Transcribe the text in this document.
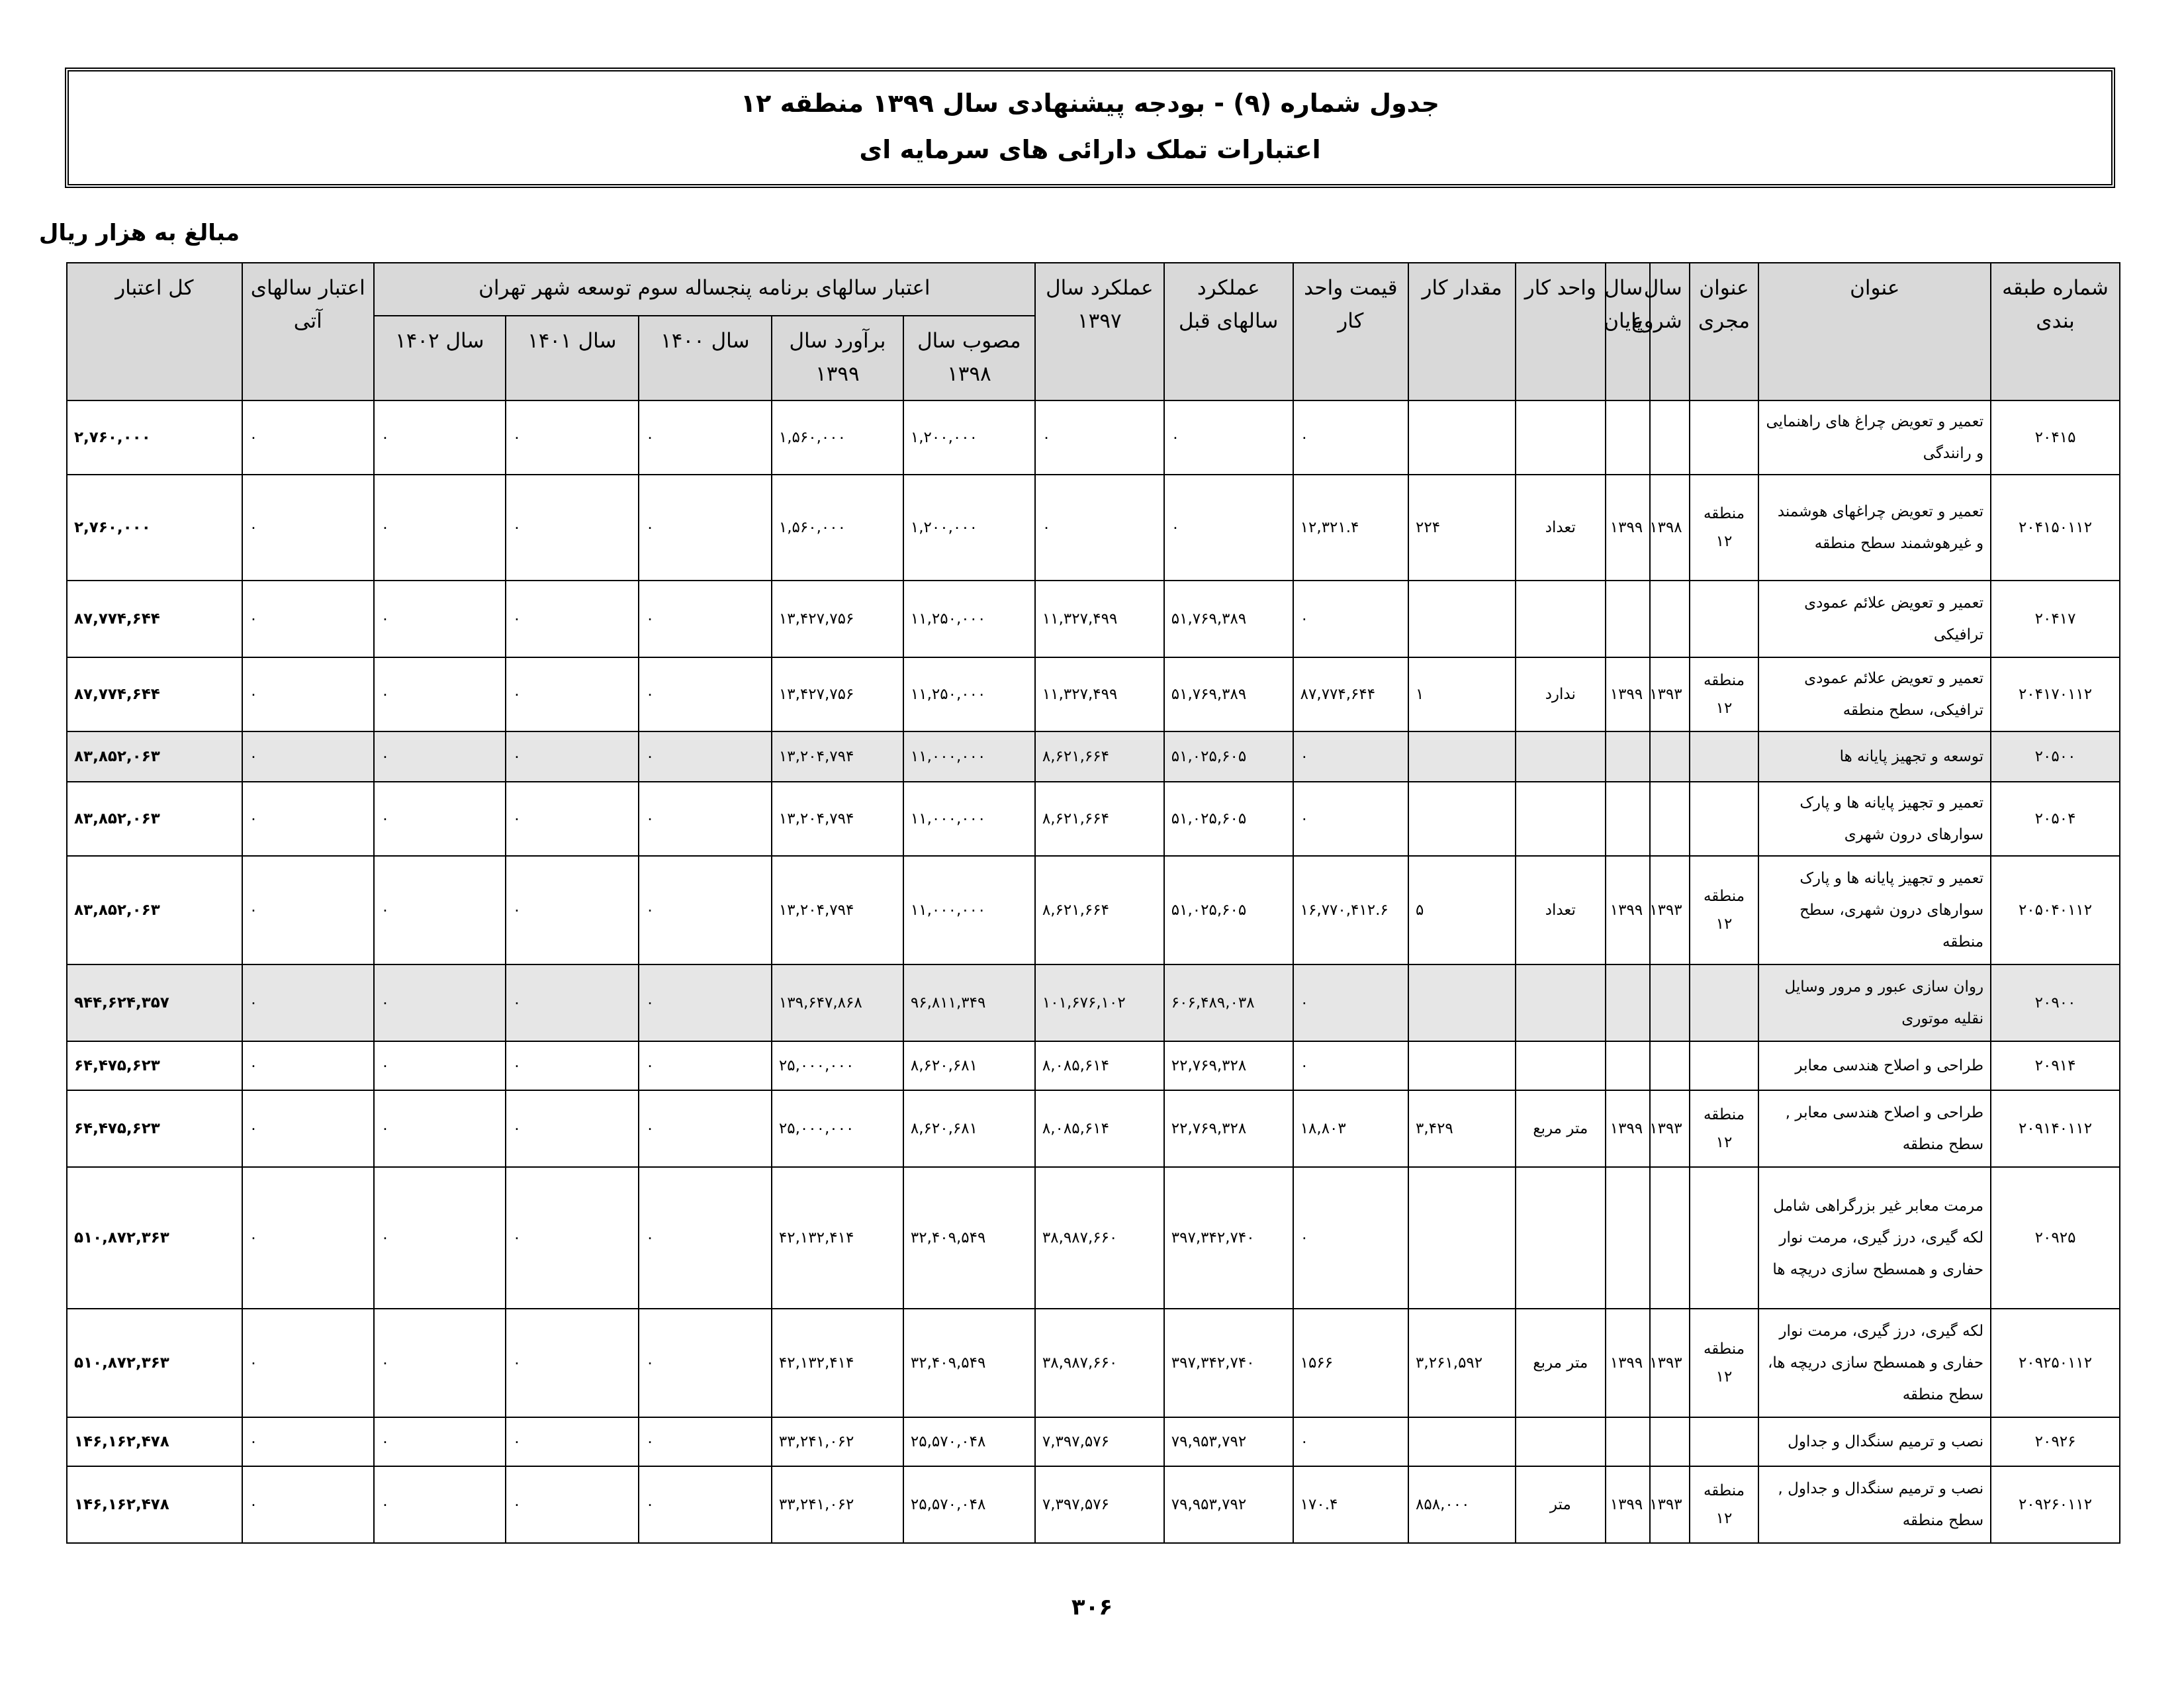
جدول شماره (۹) - بودجه پیشنهادی سال ۱۳۹۹ منطقه ۱۲
اعتبارات تملک دارائی های سرمایه ای
مبالغ به هزار ریال
شماره طبقه بندی	عنوان	عنوان مجری	سال شروع	سال پایان	واحد کار	مقدار کار	قیمت واحد کار	عملکرد سالهای قبل	عملکرد سال ۱۳۹۷	اعتبار سالهای برنامه پنجساله سوم توسعه شهر تهران					اعتبار سالهای آتی	کل اعتبار
										مصوب سال ۱۳۹۸	برآورد سال ۱۳۹۹	سال ۱۴۰۰	سال ۱۴۰۱	سال ۱۴۰۲		
۲۰۴۱۵	تعمیر و تعویض چراغ های راهنمایی و رانندگی						۰	۰	۰	۱,۲۰۰,۰۰۰	۱,۵۶۰,۰۰۰	۰	۰	۰	۰	۲,۷۶۰,۰۰۰
۲۰۴۱۵۰۱۱۲	تعمیر و تعویض چراغهای هوشمند و غیرهوشمند سطح منطقه	منطقه ۱۲	۱۳۹۸	۱۳۹۹	تعداد	۲۲۴	۱۲,۳۲۱.۴	۰	۰	۱,۲۰۰,۰۰۰	۱,۵۶۰,۰۰۰	۰	۰	۰	۰	۲,۷۶۰,۰۰۰
۲۰۴۱۷	تعمیر و تعویض علائم عمودی ترافیکی						۰	۵۱,۷۶۹,۳۸۹	۱۱,۳۲۷,۴۹۹	۱۱,۲۵۰,۰۰۰	۱۳,۴۲۷,۷۵۶	۰	۰	۰	۰	۸۷,۷۷۴,۶۴۴
۲۰۴۱۷۰۱۱۲	تعمیر و تعویض علائم عمودی ترافیکی، سطح منطقه	منطقه ۱۲	۱۳۹۳	۱۳۹۹	ندارد	۱	۸۷,۷۷۴,۶۴۴	۵۱,۷۶۹,۳۸۹	۱۱,۳۲۷,۴۹۹	۱۱,۲۵۰,۰۰۰	۱۳,۴۲۷,۷۵۶	۰	۰	۰	۰	۸۷,۷۷۴,۶۴۴
۲۰۵۰۰	توسعه و تجهیز پایانه ها						۰	۵۱,۰۲۵,۶۰۵	۸,۶۲۱,۶۶۴	۱۱,۰۰۰,۰۰۰	۱۳,۲۰۴,۷۹۴	۰	۰	۰	۰	۸۳,۸۵۲,۰۶۳
۲۰۵۰۴	تعمیر و تجهیز پایانه ها و پارک سوارهای درون شهری						۰	۵۱,۰۲۵,۶۰۵	۸,۶۲۱,۶۶۴	۱۱,۰۰۰,۰۰۰	۱۳,۲۰۴,۷۹۴	۰	۰	۰	۰	۸۳,۸۵۲,۰۶۳
۲۰۵۰۴۰۱۱۲	تعمیر و تجهیز پایانه ها و پارک سوارهای درون شهری، سطح منطقه	منطقه ۱۲	۱۳۹۳	۱۳۹۹	تعداد	۵	۱۶,۷۷۰,۴۱۲.۶	۵۱,۰۲۵,۶۰۵	۸,۶۲۱,۶۶۴	۱۱,۰۰۰,۰۰۰	۱۳,۲۰۴,۷۹۴	۰	۰	۰	۰	۸۳,۸۵۲,۰۶۳
۲۰۹۰۰	روان سازی عبور و مرور وسایل نقلیه موتوری						۰	۶۰۶,۴۸۹,۰۳۸	۱۰۱,۶۷۶,۱۰۲	۹۶,۸۱۱,۳۴۹	۱۳۹,۶۴۷,۸۶۸	۰	۰	۰	۰	۹۴۴,۶۲۴,۳۵۷
۲۰۹۱۴	طراحی و اصلاح هندسی معابر						۰	۲۲,۷۶۹,۳۲۸	۸,۰۸۵,۶۱۴	۸,۶۲۰,۶۸۱	۲۵,۰۰۰,۰۰۰	۰	۰	۰	۰	۶۴,۴۷۵,۶۲۳
۲۰۹۱۴۰۱۱۲	طراحی و اصلاح هندسی معابر , سطح منطقه	منطقه ۱۲	۱۳۹۳	۱۳۹۹	متر مربع	۳,۴۲۹	۱۸,۸۰۳	۲۲,۷۶۹,۳۲۸	۸,۰۸۵,۶۱۴	۸,۶۲۰,۶۸۱	۲۵,۰۰۰,۰۰۰	۰	۰	۰	۰	۶۴,۴۷۵,۶۲۳
۲۰۹۲۵	مرمت معابر غیر بزرگراهی شامل لکه گیری، درز گیری، مرمت نوار حفاری و همسطح سازی دریچه ها						۰	۳۹۷,۳۴۲,۷۴۰	۳۸,۹۸۷,۶۶۰	۳۲,۴۰۹,۵۴۹	۴۲,۱۳۲,۴۱۴	۰	۰	۰	۰	۵۱۰,۸۷۲,۳۶۳
۲۰۹۲۵۰۱۱۲	لکه گیری، درز گیری، مرمت نوار حفاری و همسطح سازی دریچه ها، سطح منطقه	منطقه ۱۲	۱۳۹۳	۱۳۹۹	متر مربع	۳,۲۶۱,۵۹۲	۱۵۶۶	۳۹۷,۳۴۲,۷۴۰	۳۸,۹۸۷,۶۶۰	۳۲,۴۰۹,۵۴۹	۴۲,۱۳۲,۴۱۴	۰	۰	۰	۰	۵۱۰,۸۷۲,۳۶۳
۲۰۹۲۶	نصب و ترمیم سنگدال و جداول						۰	۷۹,۹۵۳,۷۹۲	۷,۳۹۷,۵۷۶	۲۵,۵۷۰,۰۴۸	۳۳,۲۴۱,۰۶۲	۰	۰	۰	۰	۱۴۶,۱۶۲,۴۷۸
۲۰۹۲۶۰۱۱۲	نصب و ترمیم سنگدال و جداول , سطح منطقه	منطقه ۱۲	۱۳۹۳	۱۳۹۹	متر	۸۵۸,۰۰۰	۱۷۰.۴	۷۹,۹۵۳,۷۹۲	۷,۳۹۷,۵۷۶	۲۵,۵۷۰,۰۴۸	۳۳,۲۴۱,۰۶۲	۰	۰	۰	۰	۱۴۶,۱۶۲,۴۷۸
۳۰۶
